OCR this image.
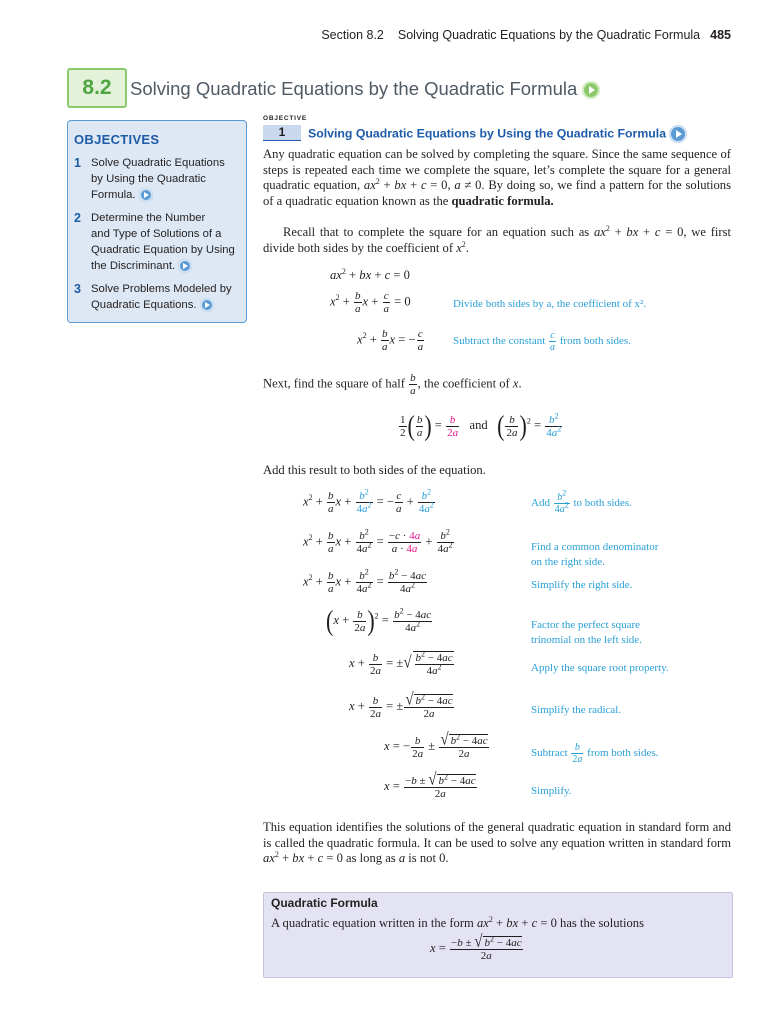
Section 8.2 Solving Quadratic Equations by the Quadratic Formula 485
8.2 Solving Quadratic Equations by the Quadratic Formula
OBJECTIVES
1 Solve Quadratic Equations
by Using the Quadratic
Formula.
2 Determine the Number
and Type of Solutions of a
Quadratic Equation by Using
the Discriminant.
3 Solve Problems Modeled by
Quadratic Equations.
OBJECTIVE
1	Solving Quadratic Equations by Using the Quadratic Formula
Any quadratic equation can be solved by completing the square. Since the same sequence of steps is repeated each time we complete the square, let’s complete the square for a general quadratic equation, $ax^2$ + bx + c = 0, a ≠ 0. By doing so, we find a pattern for the solutions of a quadratic equation known as the quadratic formula.
Recall that to complete the square for an equation such as $ax^2$ + bx + c = 0, we first divide both sides by the coefficient of $x^2$.
$ax^2$ + bx + c = 0
$x^2 + \frac{b}{a}$ $x + \frac{c}{a} = 0$	Divide both sides by a, the coefficient of x².
$x^2 + \frac{b}{a}$ x = − $\frac{c}{a}$	Subtract the constant $\frac{c}{a}$ from both sides.
Next, find the square of half $\frac{b}{a}$ , the coefficient of x.
$\frac{1}{2}$ ( $\frac{b}{a}$ ) = $\frac{b}{2a}$ and ( $\frac{b}{2a} )^2 = \frac{b^2}{4a^2}$
Add this result to both sides of the equation.
$x^2 + \frac{b}{a}$ $x + \frac{b^2}{4a^2}$ = − $\frac{c}{a} + \frac{b^2}{4a^2}$	Add $\frac{b^2}{4a^2}$ to both sides.
$x^2 + \frac{b}{a}$ $x + \frac{b^2}{4a^2} = \frac{-c \cdot 4a}{a \cdot 4a} + \frac{b^2}{4a^2}$	Find a common denominator
on the right side.
$x^2 + \frac{b}{a}$ $x + \frac{b^2}{4a^2} = \frac{b^2 - 4ac}{4a^2}$	Simplify the right side.
$(x + \frac{b}{2a} )^2 = \frac{b^2 - 4ac}{4a^2}$	Factor the perfect square
trinomial on the left side.
$x + \frac{b}{2a}$ = ±√ $\frac{b^2 - 4ac}{4a^2}$	Apply the square root property.
$x + \frac{b}{2a}$ = ± $\frac{√ b^2 - 4ac}{2a}$	Simplify the radical.
x = − $\frac{b}{2a} \pm \frac{√ b^2 - 4ac}{2a}$	Subtract $\frac{b}{2a}$ from both sides.
$x = \frac{-b \pm √ b^2 - 4ac}{2a}$	Simplify.
This equation identifies the solutions of the general quadratic equation in standard form and is called the quadratic formula. It can be used to solve any equation written in standard form $ax^2$ + bx + c = 0 as long as a is not 0.
Quadratic Formula
A quadratic equation written in the form $ax^2$ + bx + c = 0 has the solutions
$x = \frac{-b \pm √ b^2 - 4ac}{2a}$
